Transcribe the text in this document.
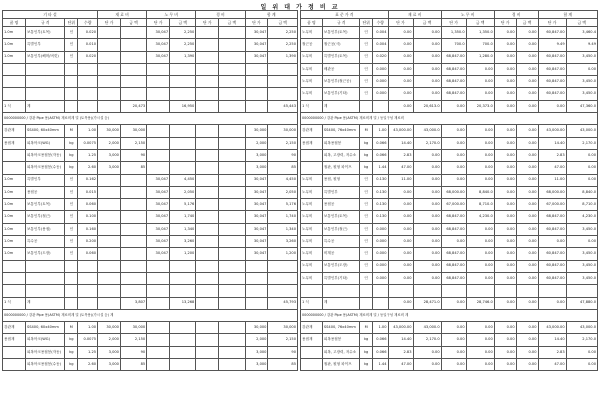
일 위 대 가 정 비 교
기 타 설				재 료 비		노 무 비		경 비		합 계	
품 명	규 격	단위	수량	단 가	금 액	단 가	금 액	단 가	금 액	단 가	금 액
1.0m	보통인부(토목)	인	0.020			30,047	2,250			30,047	2,250
1.0m	특별인부	인	0.010			30,047	2,250			30,047	2,250
1.0m	보통인부(해머/버킷)	인	0.020			30,047	1,390			30,047	1,390

1 식	계				20,473		16,950				45,443
0000000000 / 강관 Pipe 용(ASTM) 재료비계 밀 (토목용)(가시설 등)											
강관재	SS400, 60x40mm	M	1.00	30,000	30,000					30,000	30,000
용접재	피복아크(WG)	kg	0.0075	2,000	2,150					2,000	2,150
	피복아크용접봉(자동)	kg	1.25	3,000	90					3,000	90
	피복아크용접봉(수동)	kg	2.60	3,000	85					3,000	85
1.0m	특별인부	인	0.162			30,047	4,450			30,047	4,450
1.0m	용접공	인	0.015			30,047	2,050			30,047	2,050
1.0m	보통인부(토목)	인	0.060			30,047	5,176			30,047	5,176
1.0m	보통인부(철근)	인	0.100			30,047	1,740			30,047	1,740
1.0m	보통인부(용접)	인	0.160			30,047	1,340			30,047	1,340
1.0m	특수공	인	0.200			30,047	3,260			30,047	3,260
1.0m	보통인부(도장)	인	0.060			30,047	1,200			30,047	1,200

1 식	계				3,807		13,268				45,793
0000000000 / 강관 Pipe 용(ASTM) 재료비계 밀 (토목용)(가시설 등) 계											
강관재	SS400, 60x40mm	M	1.00	30,000	30,000					30,000	30,000
용접재	피복아크(WG)	kg	0.0075	2,000	2,150					2,000	2,150
	피복아크용접봉(자동)	kg	1.25	3,000	90					3,000	90
	피복아크용접봉(수동)	kg	2.60	3,000	85					3,000	85
표 준 가 격				재 료 비		노 무 비		경 비		합 계	
품 명	규 격	단위	수량	단 가	금 액	단 가	금 액	단 가	금 액	단 가	금 액
노무비	보통인부(토목)	인	0.004	0.00	0.00	1,350.0	1,350.0	0.00	0.00	60,847.00	3,460.4
철근공	철근공(시)	인	0.004	0.00	0.00	700.0	700.0	0.00	0.00	9.49	9.49
노무비	특별인부(토목)	인	0.020	0.00	0.00	68,847.00	1,280.0	0.00	0.00	60,847.00	3,450.0
노무비	배관공	인	0.000	0.00	0.00	68,847.00	0.00	0.00	0.00	60,847.00	0.00
노무비	보통인부(철근공)	인	0.000	0.00	0.00	68,847.00	0.00	0.00	0.00	60,847.00	3,450.0
노무비	보통인부(기타)	인	0.000	0.00	0.00	68,847.00	0.00	0.00	0.00	60,847.00	3,450.0
1 식	계			0.00	20,613.0	0.00	20,373.0	0.00	0.00	0.00	47,360.0
0000000000 / 강관 Pipe 용(ASTM) 재료비계 밀 / 동일구성 재료비											
강관재	SS400, 76x40mm	M	1.00	43,000.00	43,000.0	0.00	0.00	0.00	0.00	43,000.00	43,000.0
용접재	피복용접봉	kg	0.066	14.40	2,170.0	0.00	0.00	0.00	0.00	14.40	2,170.0
	피복, 고장력, 저수소	kg	0.066	2.83	0.00	0.00	0.00	0.00	0.00	2.83	0.00
	철판, 원형 파이프	kg	1.44	47.00	0.00	0.00	0.00	0.00	0.00	47.00	0.00
노무비	용접, 원형	인	0.130	11.00	0.00	0.00	0.00	0.00	0.00	11.00	0.00
노무비	특별인부	인	0.130	0.00	0.00	68,000.00	8,840.0	0.00	0.00	68,000.00	8,840.0
노무비	용접공	인	0.130	0.00	0.00	67,000.00	8,710.0	0.00	0.00	67,000.00	8,710.0
노무비	보통인부(토목)	인	0.130	0.00	0.00	68,847.00	4,230.0	0.00	0.00	68,847.00	4,230.0
노무비	보통인부(철근)	인	0.000	0.00	0.00	68,847.00	0.00	0.00	0.00	60,847.00	3,450.0
노무비	특수공	인	0.000	0.00	0.00	0.00	0.00	0.00	0.00	0.00	0.00
노무비	비계공	인	0.000	0.00	0.00	68,847.00	0.00	0.00	0.00	60,847.00	3,450.0
노무비	보통인부(도장)	인	0.000	0.00	0.00	68,847.00	0.00	0.00	0.00	60,847.00	3,450.0
노무비	특별인부(기타)	인	0.000	0.00	0.00	68,847.00	0.00	0.00	0.00	60,847.00	3,450.0

1 식	계			0.00	28,471.0	0.00	28,746.0	0.00	0.00	0.00	47,880.0
0000000000 / 강관 Pipe 용(ASTM) 재료비계 밀 / 동일구성 재료비 계											
강관재	SS400, 76x40mm	M	1.00	43,000.00	43,000.0	0.00	0.00	0.00	0.00	43,000.00	43,000.0
용접재	피복용접봉	kg	0.066	14.40	2,170.0	0.00	0.00	0.00	0.00	14.40	2,170.0
	피복, 고장력, 저수소	kg	0.066	2.83	0.00	0.00	0.00	0.00	0.00	2.83	0.00
	철판, 원형 파이프	kg	1.44	47.00	0.00	0.00	0.00	0.00	0.00	47.00	0.00
